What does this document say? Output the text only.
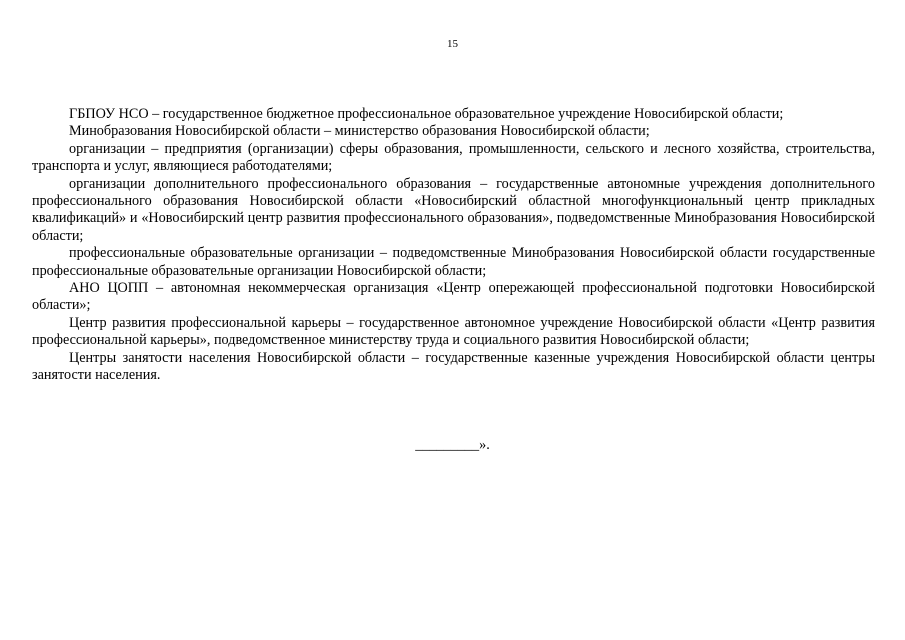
15

ГБПОУ НСО – государственное бюджетное профессиональное образовательное учреждение Новосибирской области;

Минобразования Новосибирской области – министерство образования Новосибирской области;

организации – предприятия (организации) сферы образования, промышленности, сельского и лесного хозяйства, строительства, транспорта и услуг, являющиеся работодателями;

организации дополнительного профессионального образования – государственные автономные учреждения дополнительного профессионального образования Новосибирской области «Новосибирский областной многофункциональный центр прикладных квалификаций» и «Новосибирский центр развития профессионального образования», подведомственные Минобразования Новосибирской области;

профессиональные образовательные организации – подведомственные Минобразования Новосибирской области государственные профессиональные образовательные организации Новосибирской области;

АНО ЦОПП – автономная некоммерческая организация «Центр опережающей профессиональной подготовки Новосибирской области»;

Центр развития профессиональной карьеры – государственное автономное учреждение Новосибирской области «Центр развития профессиональной карьеры», подведомственное министерству труда и социального развития Новосибирской области;

Центры занятости населения Новосибирской области – государственные казенные учреждения Новосибирской области центры занятости населения.

_________».
